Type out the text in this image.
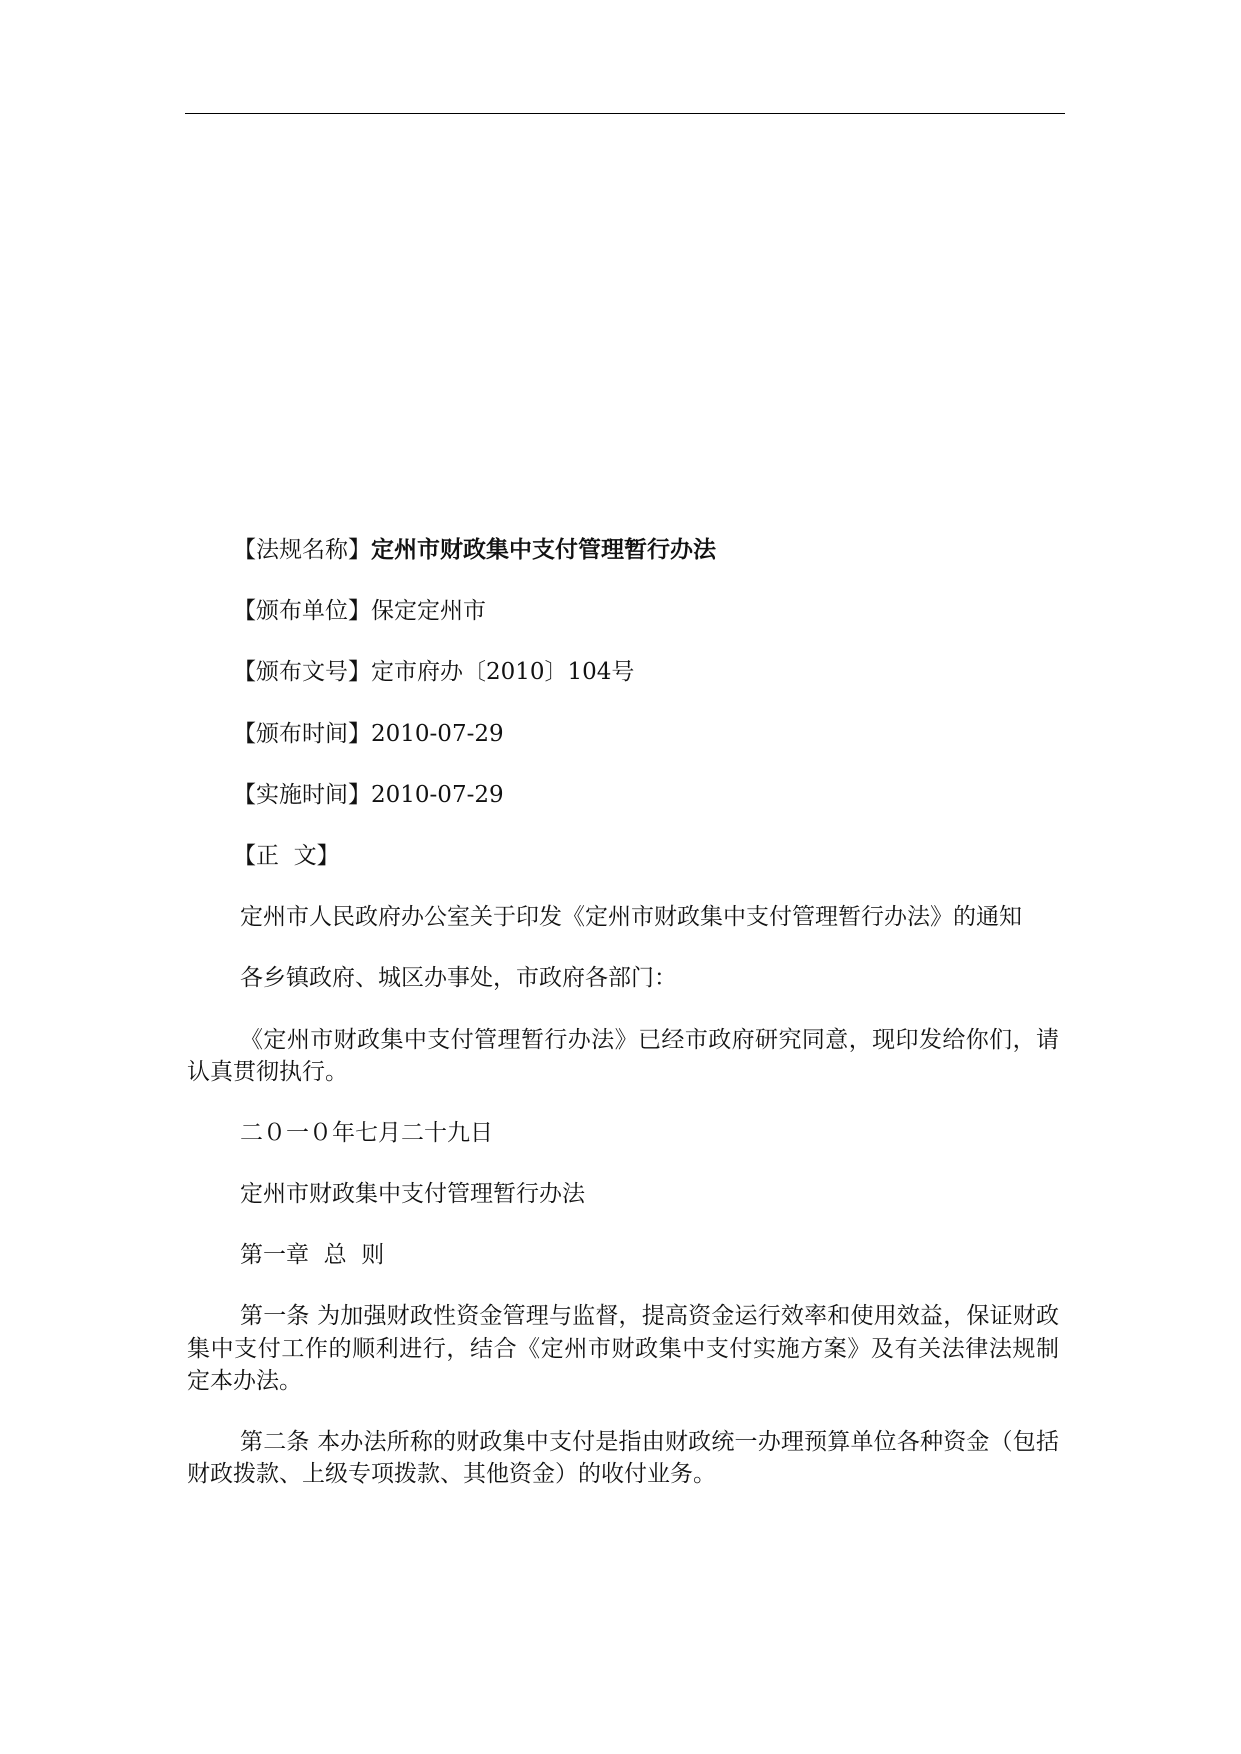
【法规名称】定州市财政集中支付管理暂行办法
【颁布单位】保定定州市
【颁布文号】定市府办〔2010〕104号
【颁布时间】2010-07-29
【实施时间】2010-07-29
【正  文】

定州市人民政府办公室关于印发《定州市财政集中支付管理暂行办法》的通知

各乡镇政府、城区办事处，市政府各部门：

《定州市财政集中支付管理暂行办法》已经市政府研究同意，现印发给你们，请认真贯彻执行。

二０一０年七月二十九日

定州市财政集中支付管理暂行办法

第一章  总  则

第一条 为加强财政性资金管理与监督，提高资金运行效率和使用效益，保证财政集中支付工作的顺利进行，结合《定州市财政集中支付实施方案》及有关法律法规制定本办法。

第二条 本办法所称的财政集中支付是指由财政统一办理预算单位各种资金（包括财政拨款、上级专项拨款、其他资金）的收付业务。
